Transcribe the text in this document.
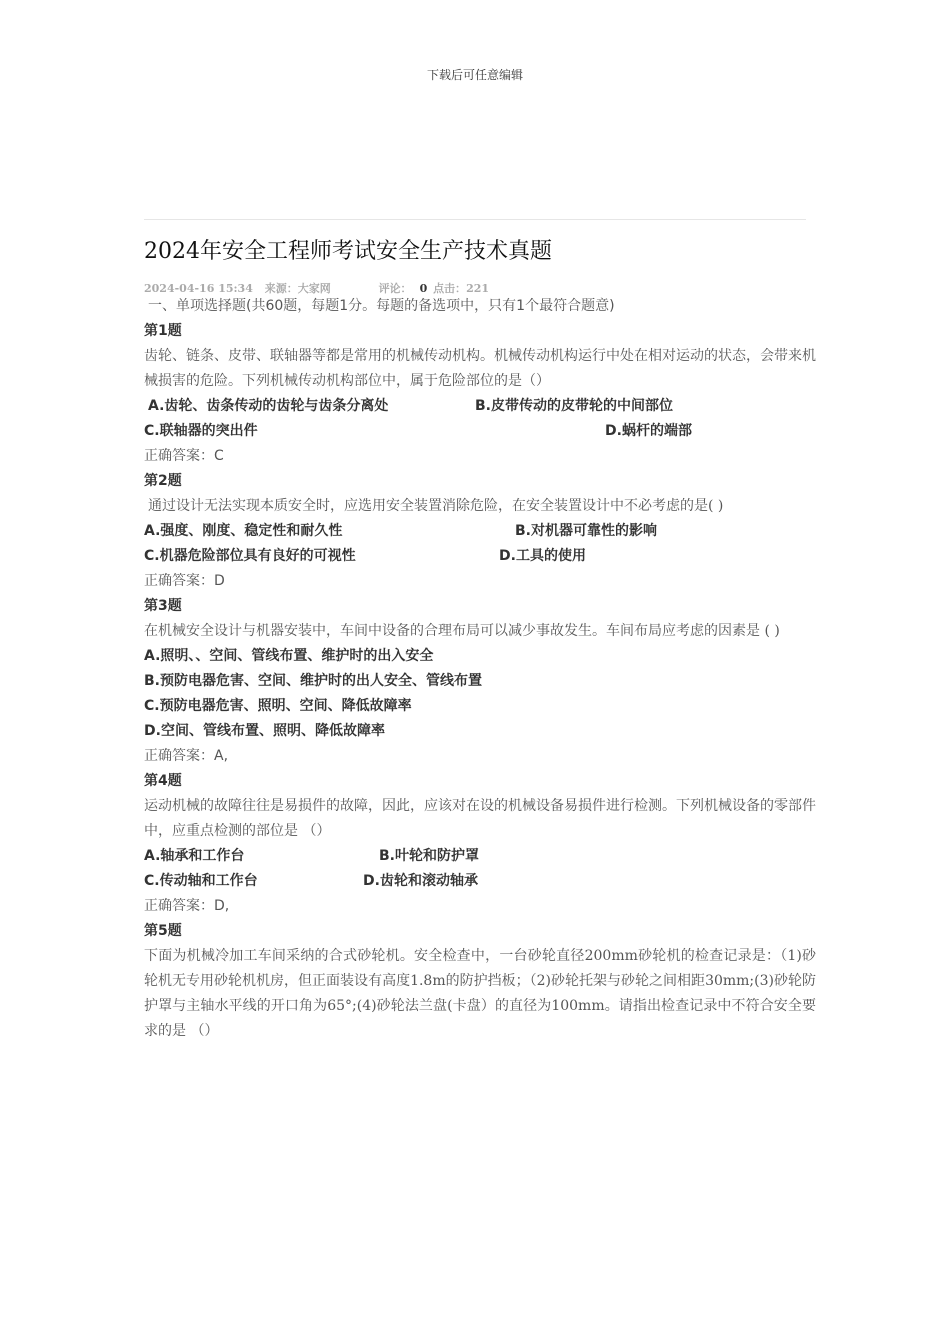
下载后可任意编辑
2024年安全工程师考试安全生产技术真题
2024-04-16 15:34 来源：大家网	评论： 0 点击：221
一、单项选择题(共60题，每题1分。每题的备选项中，只有1个最符合题意)
第1题
齿轮、链条、皮带、联轴器等都是常用的机械传动机构。机械传动机构运行中处在相对运动的状态，会带来机械损害的危险。下列机械传动机构部位中，属于危险部位的是（）
A.齿轮、齿条传动的齿轮与齿条分离处	B.皮带传动的皮带轮的中间部位
C.联轴器的突出件	D.蜗杆的端部
正确答案：C
第2题
通过设计无法实现本质安全时，应选用安全装置消除危险，在安全装置设计中不必考虑的是( )
A.强度、刚度、稳定性和耐久性	B.对机器可靠性的影响
C.机器危险部位具有良好的可视性	D.工具的使用
正确答案：D
第3题
在机械安全设计与机器安装中，车间中设备的合理布局可以减少事故发生。车间布局应考虑的因素是 ( )
A.照明、、空间、管线布置、维护时的出入安全
B.预防电器危害、空间、维护时的出人安全、管线布置
C.预防电器危害、照明、空间、降低故障率
D.空间、管线布置、照明、降低故障率
正确答案：A,
第4题
运动机械的故障往往是易损件的故障，因此，应该对在设的机械设备易损件进行检测。下列机械设备的零部件中，应重点检测的部位是 （）
A.轴承和工作台	B.叶轮和防护罩
C.传动轴和工作台	D.齿轮和滚动轴承
正确答案：D,
第5题
下面为机械冷加工车间采纳的合式砂轮机。安全检查中，一台砂轮直径200mm砂轮机的检查记录是：（1)砂轮机无专用砂轮机机房，但正面装设有高度1.8m的防护挡板；（2)砂轮托架与砂轮之间相距30mm;(3)砂轮防护罩与主轴水平线的开口角为65°;(4)砂轮法兰盘(卡盘）的直径为100mm。请指出检查记录中不符合安全要求的是 （）
